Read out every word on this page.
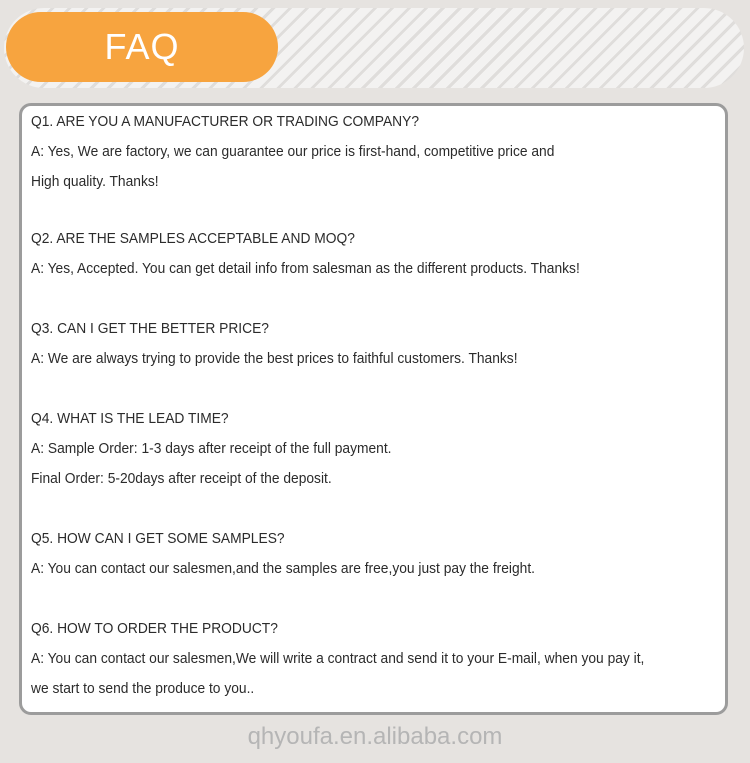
FAQ
Q1. ARE YOU A MANUFACTURER OR TRADING COMPANY?
A: Yes, We are factory, we can guarantee our price is first-hand, competitive price and
High quality. Thanks!
Q2. ARE THE SAMPLES ACCEPTABLE AND MOQ?
A: Yes, Accepted. You can get detail info from salesman as the different products. Thanks!
Q3. CAN I GET THE BETTER PRICE?
A: We are always trying to provide the best prices to faithful customers. Thanks!
Q4. WHAT IS THE LEAD TIME?
A: Sample Order: 1-3 days after receipt of the full payment.
Final Order: 5-20days after receipt of the deposit.
Q5. HOW CAN I GET SOME SAMPLES?
A: You can contact our salesmen,and the samples are free,you just pay the freight.
Q6. HOW TO ORDER THE PRODUCT?
A: You can contact our salesmen,We will write a contract and send it to your E-mail, when you pay it,
we start to send the produce to you..
qhyoufa.en.alibaba.com
